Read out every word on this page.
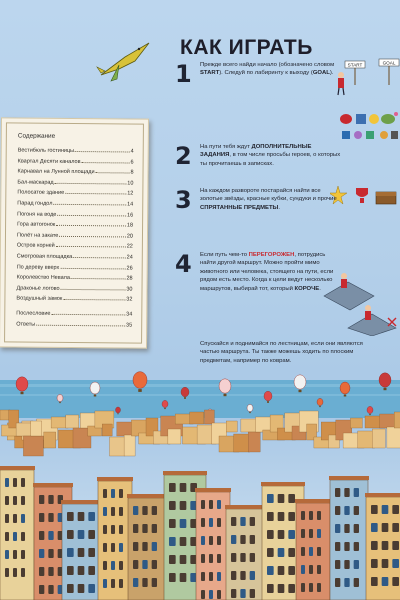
КАК ИГРАТЬ
START	GOAL
1 Прежде всего найди начало (обозначено словом START). Следуй по лабиринту к выходу (GOAL).
2 На пути тебя ждут ДОПОЛНИТЕЛЬНЫЕ ЗАДАНИЯ, в том числе просьбы героев, о которых ты прочитаешь в записках.
3 На каждом развороте постарайся найти все золотые звёзды, красные кубки, сундуки и прочие СПРЯТАННЫЕ ПРЕДМЕТЫ.
4 Если путь чем-то ПЕРЕГОРОЖЕН, потрудись найти другой маршрут. Можно пройти мимо животного или человека, стоящего на пути, если рядом есть место. Когда к цели ведут несколько маршрутов, выбирай тот, который КОРОЧЕ.
Спускайся и поднимайся по лестницам, если они являются частью маршрута. Ты также можешь ходить по плоским предметам, например по коврам.
Содержание
Вестибюль гостиницы	4
Квартал Десяти каналов	6
Карнавал на Лунной площади	8
Бал-маскарад	10
Полосатое здание	12
Парад гондол	14
Погоня на воде	16
Гора автогонок	18
Полёт на закате	20
Остров корней	22
Смотровая площадка	24
По дереву вверх	26
Королевство Невала	28
Драконье логово	30
Воздушный замок	32
Послесловие	34
Ответы	35
